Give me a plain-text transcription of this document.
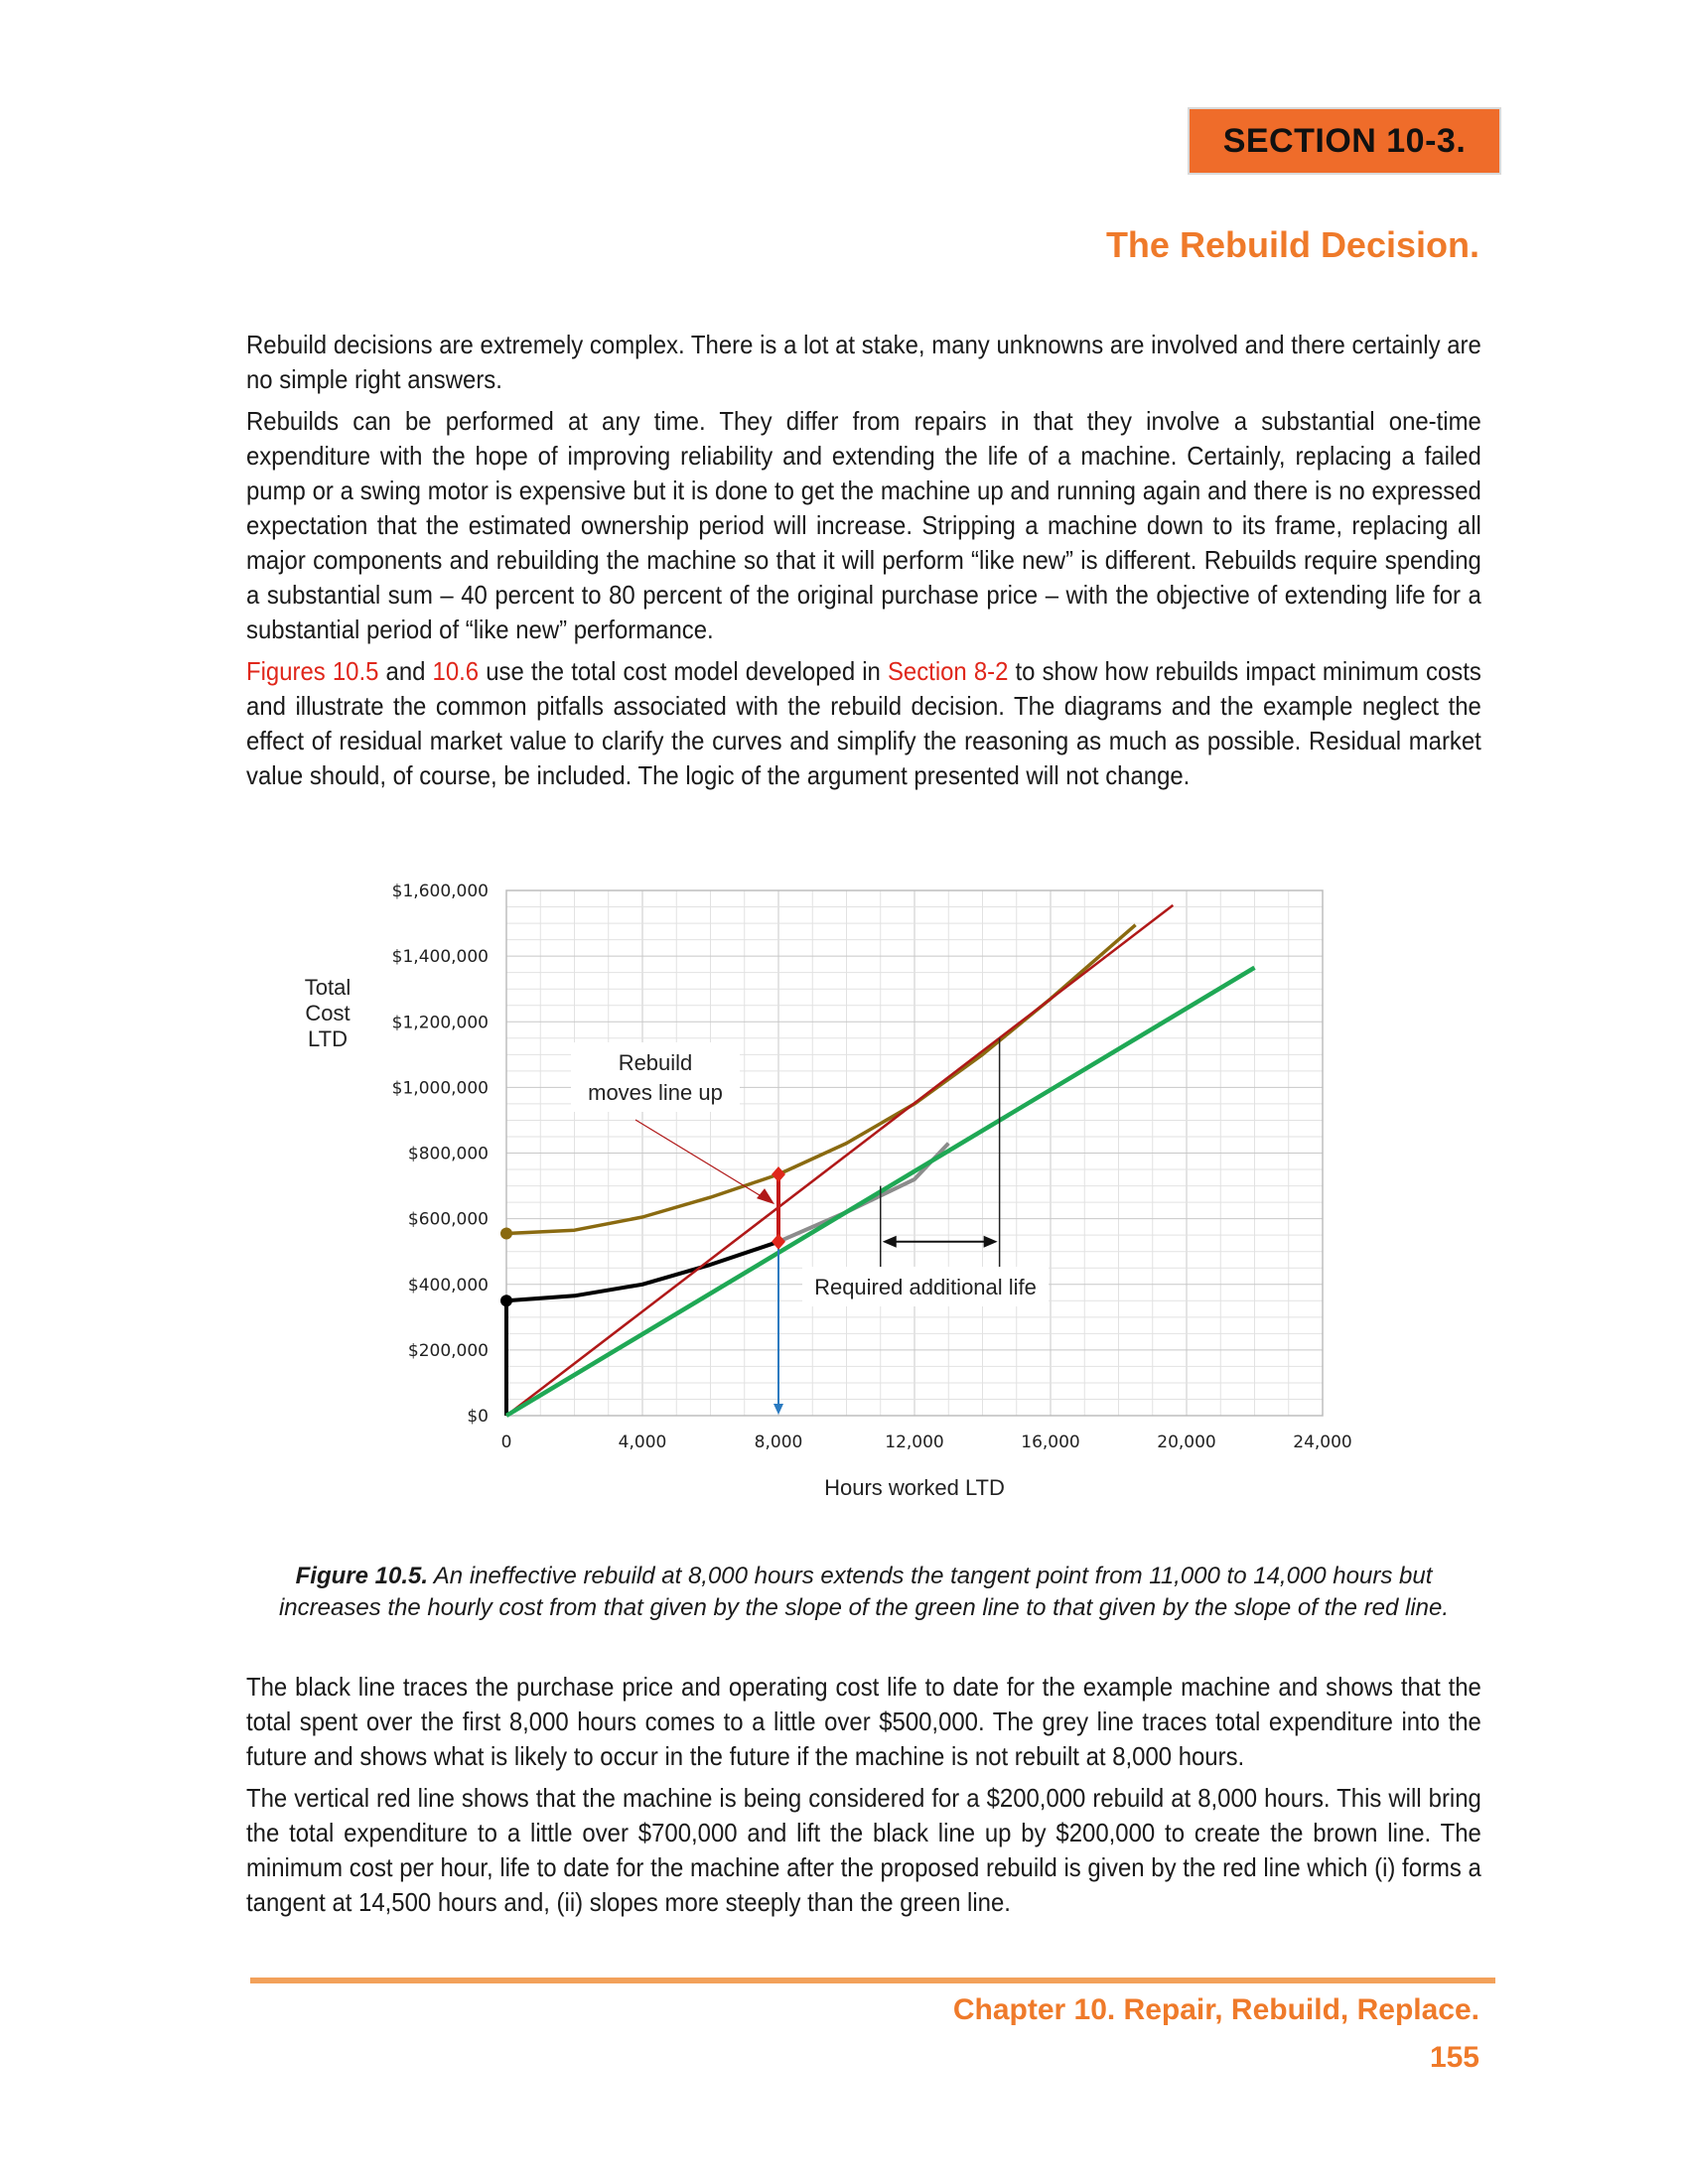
SECTION 10-3.
The Rebuild Decision.

Rebuild decisions are extremely complex. There is a lot at stake, many unknowns are involved and there certainly are no simple right answers.

Rebuilds can be performed at any time. They differ from repairs in that they involve a substantial one-time expenditure with the hope of improving reliability and extending the life of a machine. Certainly, replacing a failed pump or a swing motor is expensive but it is done to get the machine up and running again and there is no expressed expectation that the estimated ownership period will increase. Stripping a machine down to its frame, replacing all major components and rebuilding the machine so that it will perform “like new” is different. Rebuilds require spending a substantial sum – 40 percent to 80 percent of the original purchase price – with the objective of extending life for a substantial period of “like new” performance.

Figures 10.5 and 10.6 use the total cost model developed in Section 8-2 to show how rebuilds impact minimum costs and illustrate the common pitfalls associated with the rebuild decision. The diagrams and the example neglect the effect of residual market value to clarify the curves and simplify the reasoning as much as possible. Residual market value should, of course, be included. The logic of the argument presented will not change.

Rebuild
moves line up
Required additional life
0	4,000	8,000	12,000	16,000	20,000	24,000
$0
$200,000
$400,000
$600,000
$800,000
$1,000,000
$1,200,000
$1,400,000
$1,600,000
Total
Cost
LTD
Hours worked LTD
Figure 10.5. An ineffective rebuild at 8,000 hours extends the tangent point from 11,000 to 14,000 hours but increases the hourly cost from that given by the slope of the green line to that given by the slope of the red line.

The black line traces the purchase price and operating cost life to date for the example machine and shows that the total spent over the first 8,000 hours comes to a little over $500,000. The grey line traces total expenditure into the future and shows what is likely to occur in the future if the machine is not rebuilt at 8,000 hours.

The vertical red line shows that the machine is being considered for a $200,000 rebuild at 8,000 hours. This will bring the total expenditure to a little over $700,000 and lift the black line up by $200,000 to create the brown line. The minimum cost per hour, life to date for the machine after the proposed rebuild is given by the red line which (i) forms a tangent at 14,500 hours and, (ii) slopes more steeply than the green line.

Chapter 10. Repair, Rebuild, Replace.
155
